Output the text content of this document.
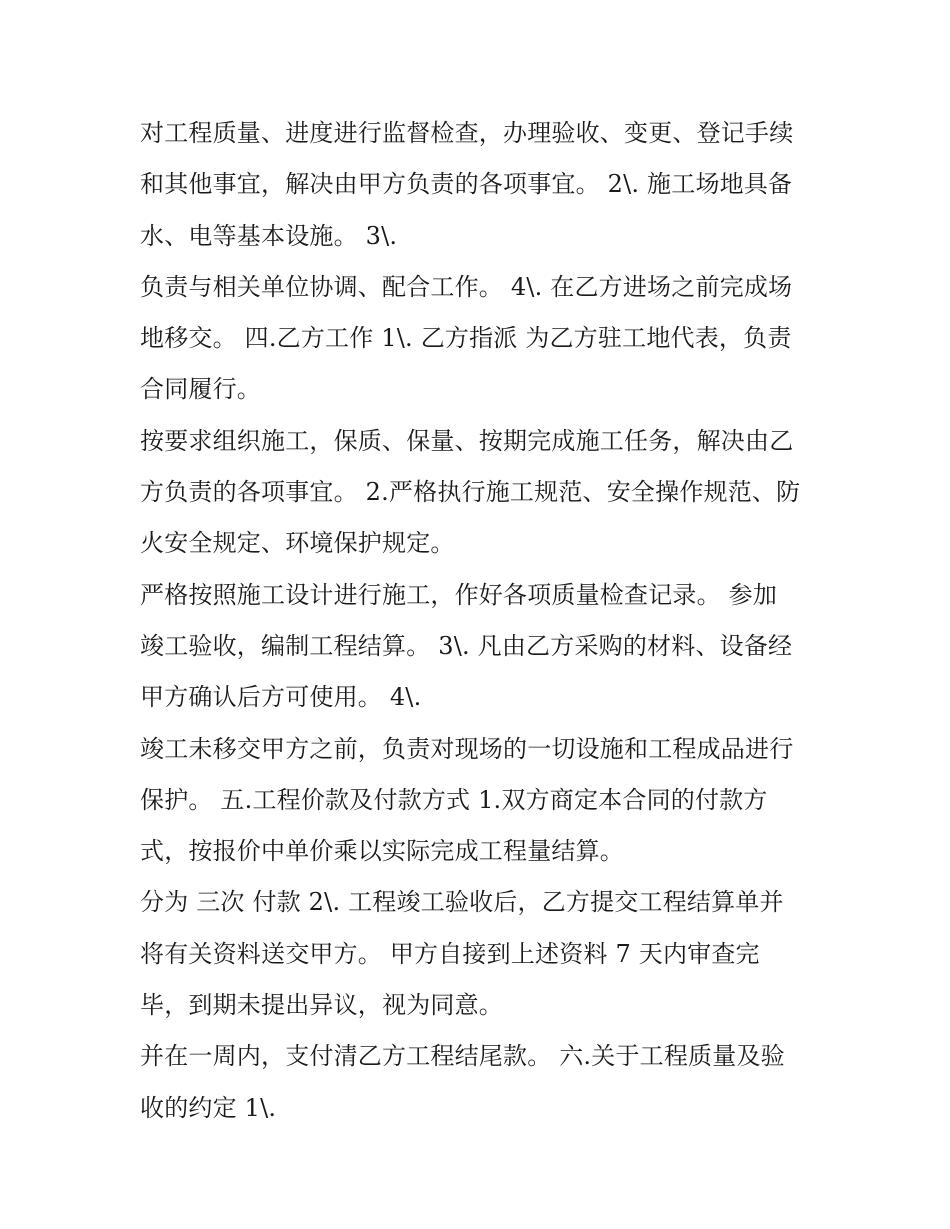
对工程质量、进度进行监督检查，办理验收、变更、登记手续
和其他事宜，解决由甲方负责的各项事宜。 2\. 施工场地具备
水、电等基本设施。 3\.
负责与相关单位协调、配合工作。 4\. 在乙方进场之前完成场
地移交。 四.乙方工作 1\. 乙方指派 为乙方驻工地代表，负责
合同履行。
按要求组织施工，保质、保量、按期完成施工任务，解决由乙
方负责的各项事宜。 2.严格执行施工规范、安全操作规范、防
火安全规定、环境保护规定。
严格按照施工设计进行施工，作好各项质量检查记录。 参加
竣工验收，编制工程结算。 3\. 凡由乙方采购的材料、设备经
甲方确认后方可使用。 4\.
竣工未移交甲方之前，负责对现场的一切设施和工程成品进行
保护。 五.工程价款及付款方式 1.双方商定本合同的付款方
式，按报价中单价乘以实际完成工程量结算。
分为 三次 付款 2\. 工程竣工验收后，乙方提交工程结算单并
将有关资料送交甲方。 甲方自接到上述资料 7 天内审查完
毕，到期未提出异议，视为同意。
并在一周内，支付清乙方工程结尾款。 六.关于工程质量及验
收的约定 1\.
